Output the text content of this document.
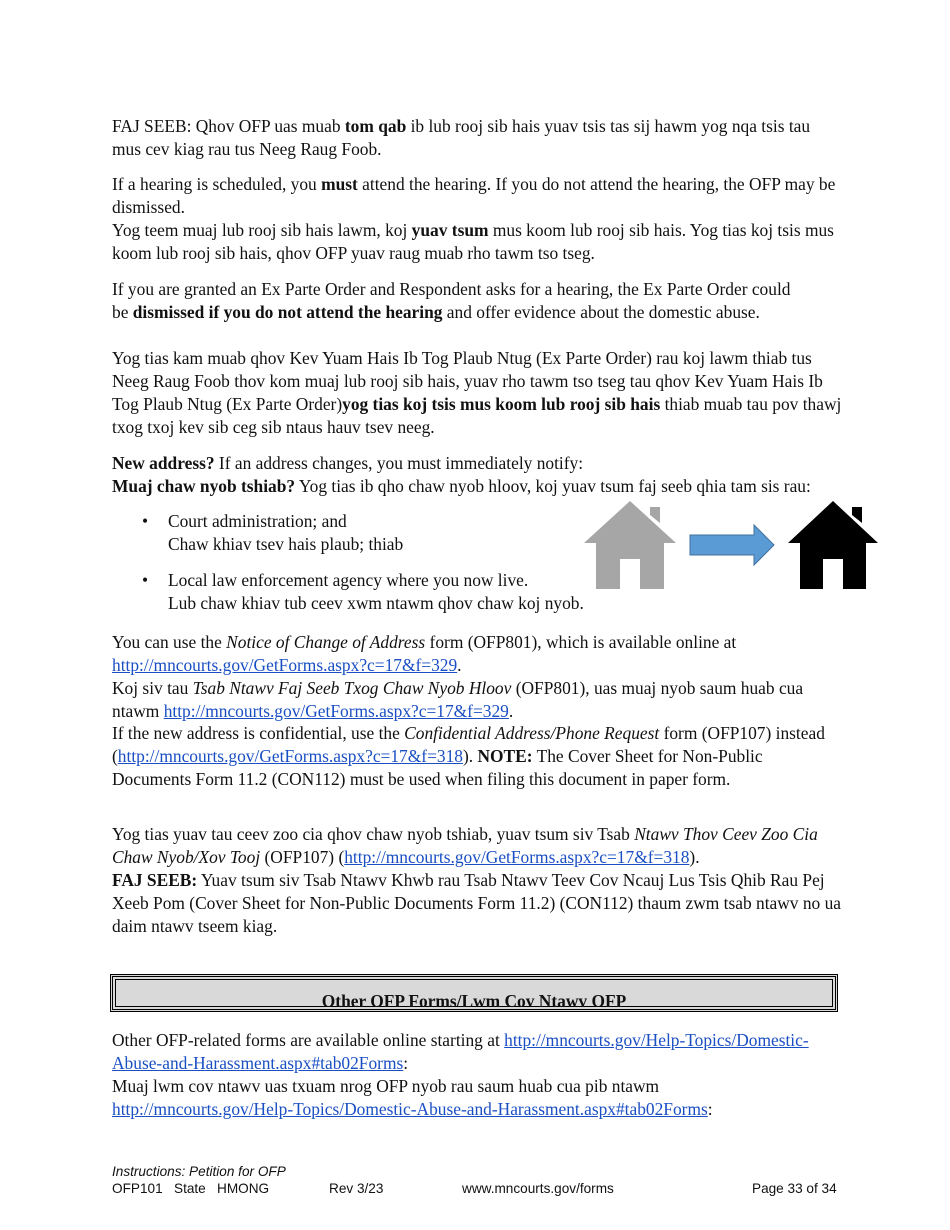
FAJ SEEB: Qhov OFP uas muab tom qab ib lub rooj sib hais yuav tsis tas sij hawm yog nqa tsis tau mus cev kiag rau tus Neeg Raug Foob.

If a hearing is scheduled, you must attend the hearing. If you do not attend the hearing, the OFP may be dismissed.

Yog teem muaj lub rooj sib hais lawm, koj yuav tsum mus koom lub rooj sib hais. Yog tias koj tsis mus koom lub rooj sib hais, qhov OFP yuav raug muab rho tawm tso tseg.

If you are granted an Ex Parte Order and Respondent asks for a hearing, the Ex Parte Order could be dismissed if you do not attend the hearing and offer evidence about the domestic abuse.

Yog tias kam muab qhov Kev Yuam Hais Ib Tog Plaub Ntug (Ex Parte Order) rau koj lawm thiab tus Neeg Raug Foob thov kom muaj lub rooj sib hais, yuav rho tawm tso tseg tau qhov Kev Yuam Hais Ib Tog Plaub Ntug (Ex Parte Order)yog tias koj tsis mus koom lub rooj sib hais thiab muab tau pov thawj txog txoj kev sib ceg sib ntaus hauv tsev neeg.

New address? If an address changes, you must immediately notify:

Muaj chaw nyob tshiab? Yog tias ib qho chaw nyob hloov, koj yuav tsum faj seeb qhia tam sis rau:

• Court administration; and
Chaw khiav tsev hais plaub; thiab
• Local law enforcement agency where you now live.
Lub chaw khiav tub ceev xwm ntawm qhov chaw koj nyob.

You can use the Notice of Change of Address form (OFP801), which is available online at http://mncourts.gov/GetForms.aspx?c=17&f=329.

Koj siv tau Tsab Ntawv Faj Seeb Txog Chaw Nyob Hloov (OFP801), uas muaj nyob saum huab cua ntawm http://mncourts.gov/GetForms.aspx?c=17&f=329.

If the new address is confidential, use the Confidential Address/Phone Request form (OFP107) instead (http://mncourts.gov/GetForms.aspx?c=17&f=318). NOTE: The Cover Sheet for Non-Public Documents Form 11.2 (CON112) must be used when filing this document in paper form.

Yog tias yuav tau ceev zoo cia qhov chaw nyob tshiab, yuav tsum siv Tsab Ntawv Thov Ceev Zoo Cia Chaw Nyob/Xov Tooj (OFP107) (http://mncourts.gov/GetForms.aspx?c=17&f=318).
FAJ SEEB: Yuav tsum siv Tsab Ntawv Khwb rau Tsab Ntawv Teev Cov Ncauj Lus Tsis Qhib Rau Pej Xeeb Pom (Cover Sheet for Non-Public Documents Form 11.2) (CON112) thaum zwm tsab ntawv no ua daim ntawv tseem kiag.

Other OFP Forms/Lwm Cov Ntawv OFP

Other OFP-related forms are available online starting at http://mncourts.gov/Help-Topics/Domestic-Abuse-and-Harassment.aspx#tab02Forms:

Muaj lwm cov ntawv uas txuam nrog OFP nyob rau saum huab cua pib ntawm
http://mncourts.gov/Help-Topics/Domestic-Abuse-and-Harassment.aspx#tab02Forms:

Instructions: Petition for OFP
OFP101 State HMONG	Rev 3/23	www.mncourts.gov/forms	Page 33 of 34
